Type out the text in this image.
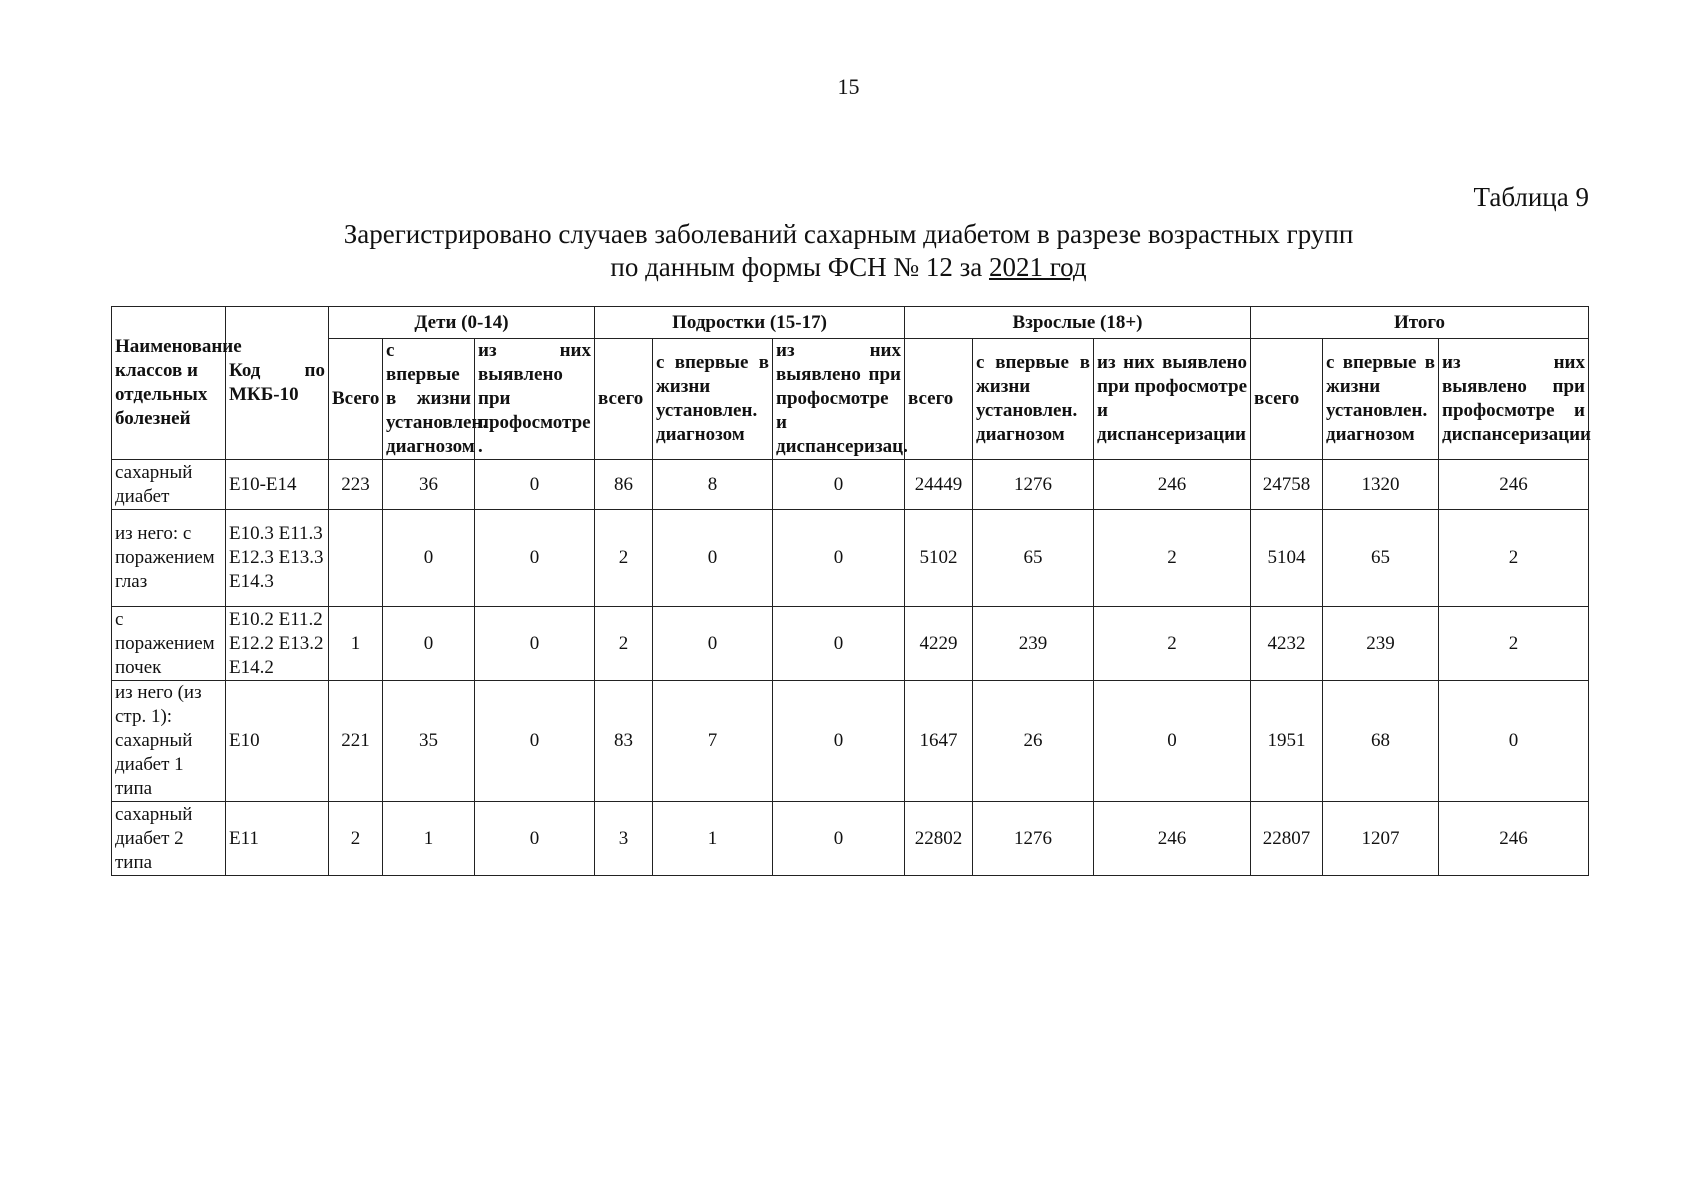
15
Таблица 9
Зарегистрировано случаев заболеваний сахарным диабетом в разрезе возрастных групп
по данным формы ФСН № 12 за 2021 год
Наименование классов и отдельных болезней	Код по МКБ-10	Дети (0-14)			Подростки (15-17)			Взрослые (18+)			Итого		
		Всего	с впервые в жизни установлен. диагнозом	из них выявлено при профосмотре .	всего	с впервые в жизни установлен. диагнозом	из них выявлено при профосмотре и диспансеризац.	всего	с впервые в жизни установлен. диагнозом	из них выявлено при профосмотре и диспансеризации	всего	с впервые в жизни установлен. диагнозом	из них выявлено при профосмотре и диспансеризации
сахарный диабет	E10-E14	223	36	0	86	8	0	24449	1276	246	24758	1320	246
из него: с поражением глаз	E10.3 E11.3 E12.3 E13.3 E14.3		0	0	2	0	0	5102	65	2	5104	65	2
с поражением почек	E10.2 E11.2 E12.2 E13.2 E14.2	1	0	0	2	0	0	4229	239	2	4232	239	2
из него (из стр. 1): сахарный диабет 1 типа	E10	221	35	0	83	7	0	1647	26	0	1951	68	0
сахарный диабет 2 типа	E11	2	1	0	3	1	0	22802	1276	246	22807	1207	246
